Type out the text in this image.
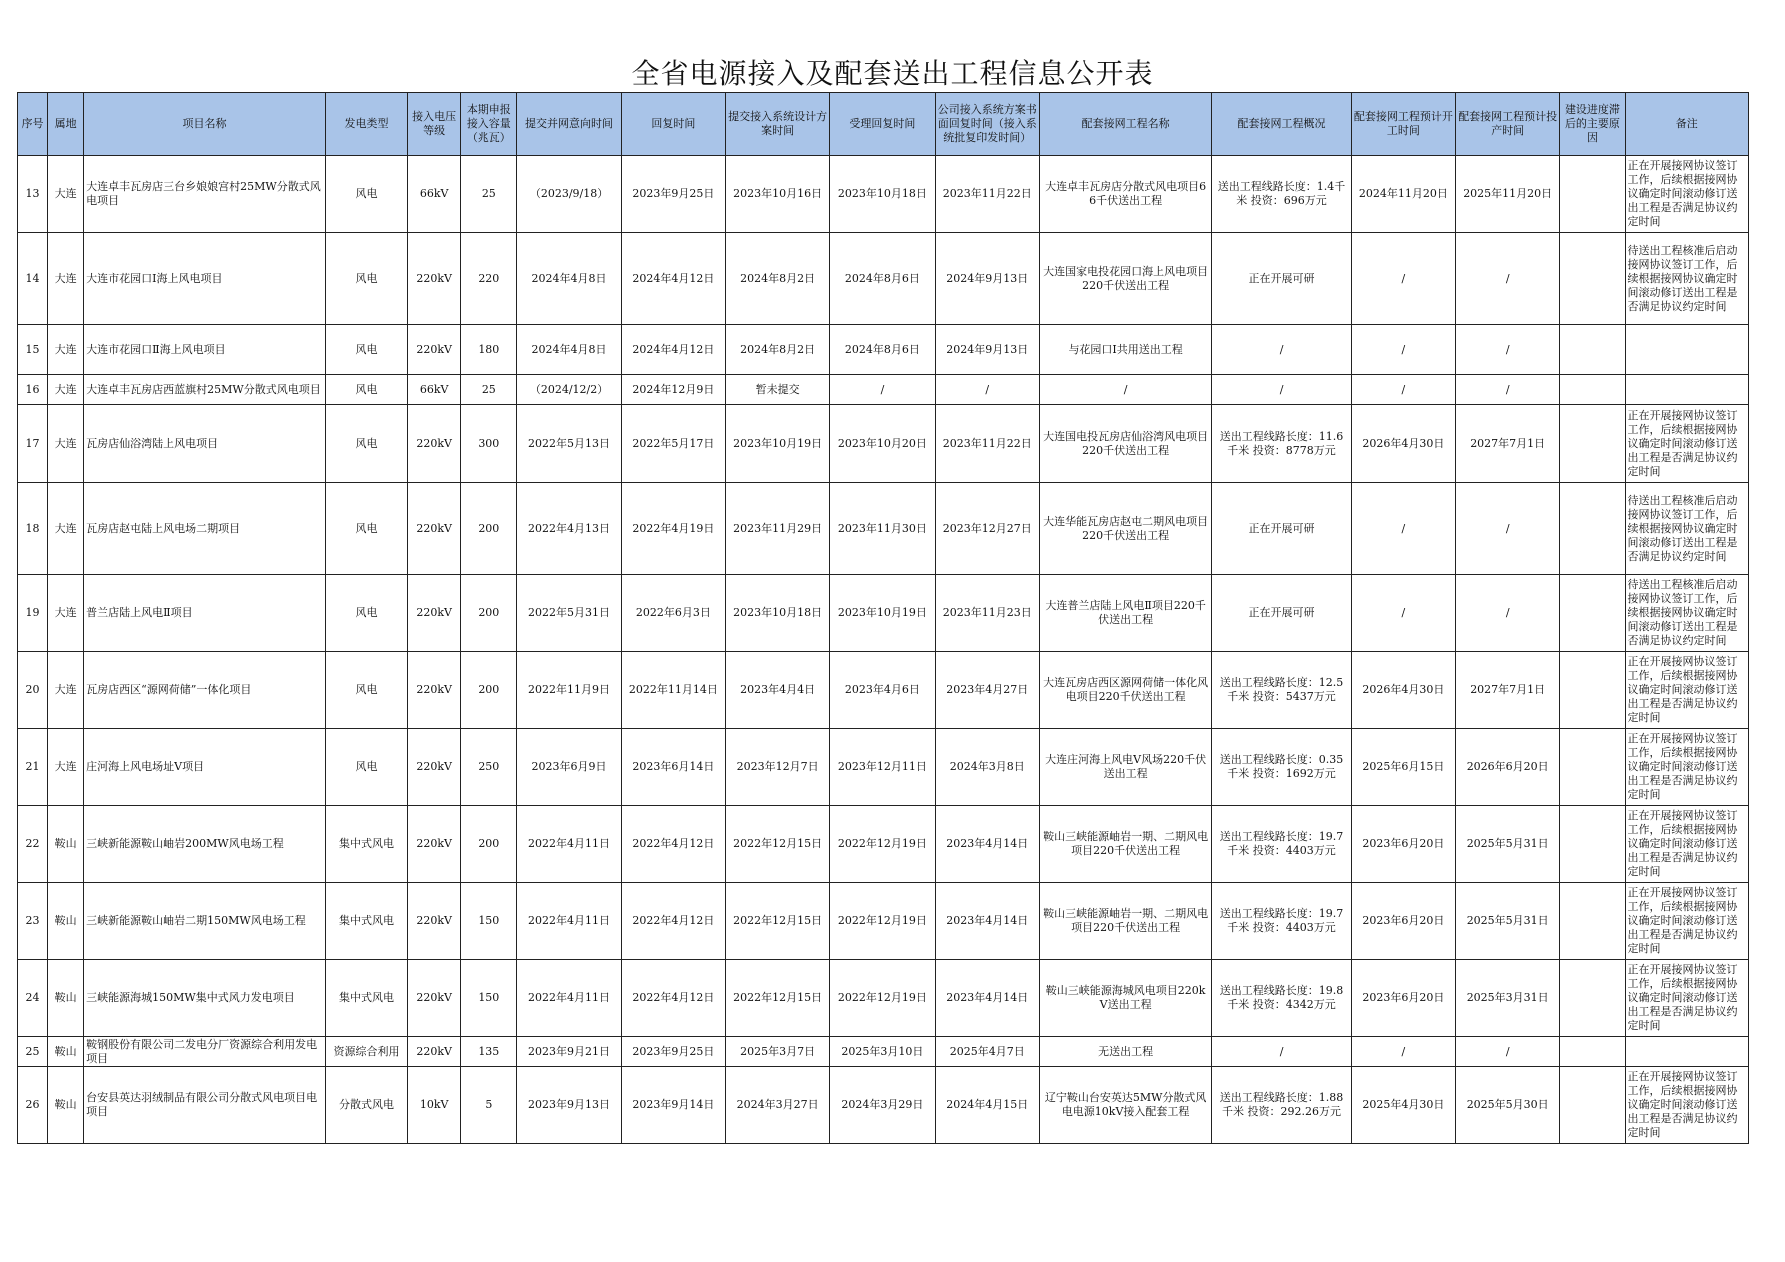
全省电源接入及配套送出工程信息公开表
序号	属地	项目名称	发电类型	接入电压等级	本期申报接入容量（兆瓦）	提交并网意向时间	回复时间	提交接入系统设计方案时间	受理回复时间	公司接入系统方案书面回复时间（接入系统批复印发时间）	配套接网工程名称	配套接网工程概况	配套接网工程预计开工时间	配套接网工程预计投产时间	建设进度滞后的主要原因	备注
13	大连	大连卓丰瓦房店三台乡娘娘宫村25MW分散式风电项目	风电	66kV	25	（2023/9/18）	2023年9月25日	2023年10月16日	2023年10月18日	2023年11月22日	大连卓丰瓦房店分散式风电项目66千伏送出工程	送出工程线路长度：1.4千米 投资：696万元	2024年11月20日	2025年11月20日		正在开展接网协议签订工作，后续根据接网协议确定时间滚动修订送出工程是否满足协议约定时间
14	大连	大连市花园口Ⅰ海上风电项目	风电	220kV	220	2024年4月8日	2024年4月12日	2024年8月2日	2024年8月6日	2024年9月13日	大连国家电投花园口海上风电项目220千伏送出工程	正在开展可研	/	/		待送出工程核准后启动接网协议签订工作，后续根据接网协议确定时间滚动修订送出工程是否满足协议约定时间
15	大连	大连市花园口Ⅱ海上风电项目	风电	220kV	180	2024年4月8日	2024年4月12日	2024年8月2日	2024年8月6日	2024年9月13日	与花园口Ⅰ共用送出工程	/	/	/		
16	大连	大连卓丰瓦房店西蓝旗村25MW分散式风电项目	风电	66kV	25	（2024/12/2）	2024年12月9日	暂未提交	/	/	/	/	/	/		
17	大连	瓦房店仙浴湾陆上风电项目	风电	220kV	300	2022年5月13日	2022年5月17日	2023年10月19日	2023年10月20日	2023年11月22日	大连国电投瓦房店仙浴湾风电项目220千伏送出工程	送出工程线路长度：11.6千米 投资：8778万元	2026年4月30日	2027年7月1日		正在开展接网协议签订工作，后续根据接网协议确定时间滚动修订送出工程是否满足协议约定时间
18	大连	瓦房店赵屯陆上风电场二期项目	风电	220kV	200	2022年4月13日	2022年4月19日	2023年11月29日	2023年11月30日	2023年12月27日	大连华能瓦房店赵屯二期风电项目220千伏送出工程	正在开展可研	/	/		待送出工程核准后启动接网协议签订工作，后续根据接网协议确定时间滚动修订送出工程是否满足协议约定时间
19	大连	普兰店陆上风电Ⅱ项目	风电	220kV	200	2022年5月31日	2022年6月3日	2023年10月18日	2023年10月19日	2023年11月23日	大连普兰店陆上风电Ⅱ项目220千伏送出工程	正在开展可研	/	/		待送出工程核准后启动接网协议签订工作，后续根据接网协议确定时间滚动修订送出工程是否满足协议约定时间
20	大连	瓦房店西区“源网荷储”一体化项目	风电	220kV	200	2022年11月9日	2022年11月14日	2023年4月4日	2023年4月6日	2023年4月27日	大连瓦房店西区源网荷储一体化风电项目220千伏送出工程	送出工程线路长度：12.5千米 投资：5437万元	2026年4月30日	2027年7月1日		正在开展接网协议签订工作，后续根据接网协议确定时间滚动修订送出工程是否满足协议约定时间
21	大连	庄河海上风电场址Ⅴ项目	风电	220kV	250	2023年6月9日	2023年6月14日	2023年12月7日	2023年12月11日	2024年3月8日	大连庄河海上风电Ⅴ风场220千伏送出工程	送出工程线路长度：0.35千米 投资：1692万元	2025年6月15日	2026年6月20日		正在开展接网协议签订工作，后续根据接网协议确定时间滚动修订送出工程是否满足协议约定时间
22	鞍山	三峡新能源鞍山岫岩200MW风电场工程	集中式风电	220kV	200	2022年4月11日	2022年4月12日	2022年12月15日	2022年12月19日	2023年4月14日	鞍山三峡能源岫岩一期、二期风电项目220千伏送出工程	送出工程线路长度：19.7千米 投资：4403万元	2023年6月20日	2025年5月31日		正在开展接网协议签订工作，后续根据接网协议确定时间滚动修订送出工程是否满足协议约定时间
23	鞍山	三峡新能源鞍山岫岩二期150MW风电场工程	集中式风电	220kV	150	2022年4月11日	2022年4月12日	2022年12月15日	2022年12月19日	2023年4月14日	鞍山三峡能源岫岩一期、二期风电项目220千伏送出工程	送出工程线路长度：19.7千米 投资：4403万元	2023年6月20日	2025年5月31日		正在开展接网协议签订工作，后续根据接网协议确定时间滚动修订送出工程是否满足协议约定时间
24	鞍山	三峡能源海城150MW集中式风力发电项目	集中式风电	220kV	150	2022年4月11日	2022年4月12日	2022年12月15日	2022年12月19日	2023年4月14日	鞍山三峡能源海城风电项目220kV送出工程	送出工程线路长度：19.8千米 投资：4342万元	2023年6月20日	2025年3月31日		正在开展接网协议签订工作，后续根据接网协议确定时间滚动修订送出工程是否满足协议约定时间
25	鞍山	鞍钢股份有限公司二发电分厂资源综合利用发电项目	资源综合利用	220kV	135	2023年9月21日	2023年9月25日	2025年3月7日	2025年3月10日	2025年4月7日	无送出工程	/	/	/		
26	鞍山	台安县英达羽绒制品有限公司分散式风电项目电项目	分散式风电	10kV	5	2023年9月13日	2023年9月14日	2024年3月27日	2024年3月29日	2024年4月15日	辽宁鞍山台安英达5MW分散式风电电源10kV接入配套工程	送出工程线路长度：1.88千米 投资：292.26万元	2025年4月30日	2025年5月30日		正在开展接网协议签订工作，后续根据接网协议确定时间滚动修订送出工程是否满足协议约定时间
